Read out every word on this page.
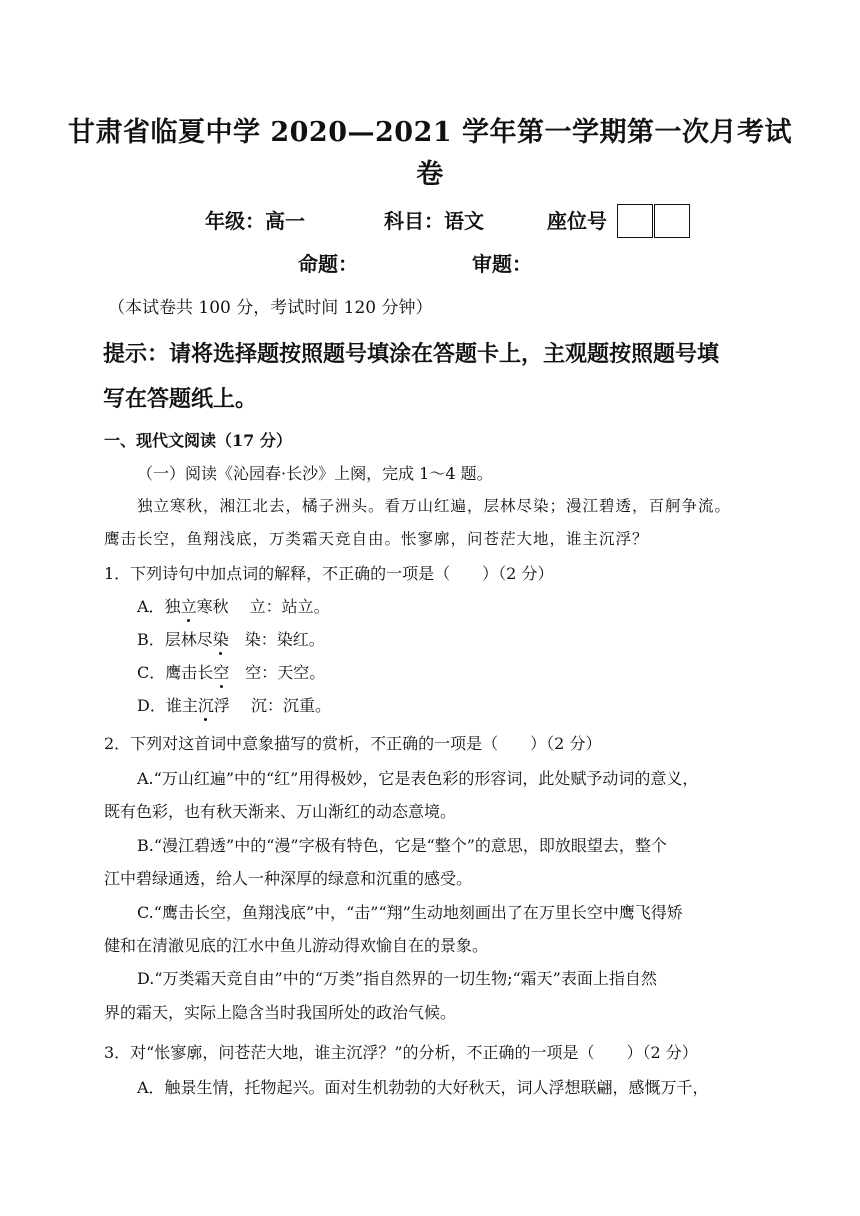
甘肃省临夏中学 2020—2021 学年第一学期第一次月考试
卷
年级：高一	科目：语文	座位号
命题：	审题：
（本试卷共 100 分，考试时间 120 分钟）
提示：请将选择题按照题号填涂在答题卡上，主观题按照题号填
写在答题纸上。
一、现代文阅读（17 分）
（一）阅读《沁园春·长沙》上阕，完成 1～4 题。
独立寒秋，湘江北去，橘子洲头。看万山红遍，层林尽染；漫江碧透，百舸争流。
鹰击长空，鱼翔浅底，万类霜天竞自由。怅寥廓，问苍茫大地，谁主沉浮？
1．下列诗句中加点词的解释，不正确的一项是（　　）（2 分）
A．独立寒秋　 立：站立。
B．层林尽染　染：染红。
C．鹰击长空　空：天空。
D．谁主沉浮　 沉：沉重。
2．下列对这首词中意象描写的赏析，不正确的一项是（　　）（2 分）
A.“万山红遍”中的“红”用得极妙，它是表色彩的形容词，此处赋予动词的意义，
既有色彩，也有秋天渐来、万山渐红的动态意境。
B.“漫江碧透”中的“漫”字极有特色，它是“整个”的意思，即放眼望去，整个
江中碧绿通透，给人一种深厚的绿意和沉重的感受。
C.“鹰击长空，鱼翔浅底”中，“击”“翔”生动地刻画出了在万里长空中鹰飞得矫
健和在清澈见底的江水中鱼儿游动得欢愉自在的景象。
D.“万类霜天竞自由”中的“万类”指自然界的一切生物;“霜天”表面上指自然
界的霜天，实际上隐含当时我国所处的政治气候。
3．对“怅寥廓，问苍茫大地，谁主沉浮？”的分析，不正确的一项是（　　）（2 分）
A．触景生情，托物起兴。面对生机勃勃的大好秋天，词人浮想联翩，感慨万千，
